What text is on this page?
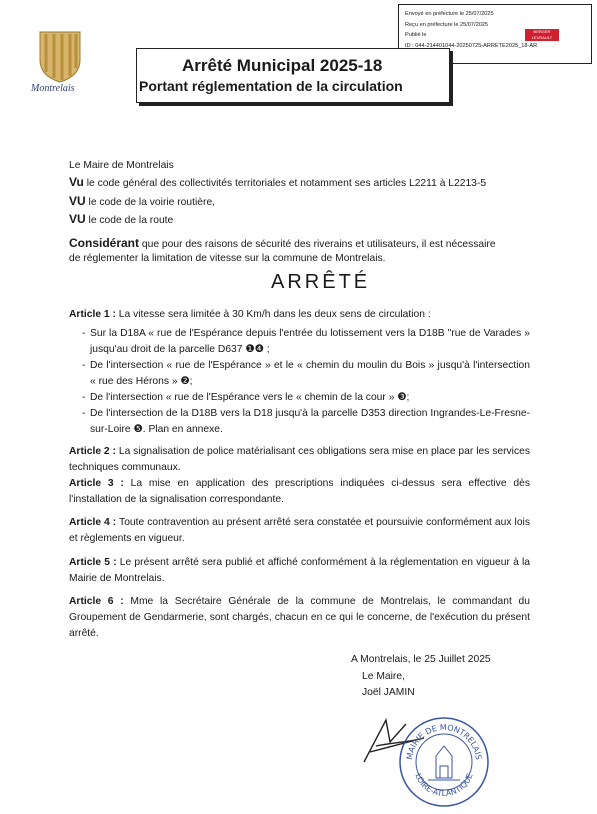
Envoyé en préfecture le 25/07/2025
Reçu en préfecture le 25/07/2025
Publié le
ID : 044-214401044-20250725-ARRETE2025_18-AR
BERGER LEVRAULT
Montrelais
Arrêté Municipal 2025-18
Portant réglementation de la circulation
Le Maire de Montrelais
Vu le code général des collectivités territoriales et notamment ses articles L2211 à L2213-5
VU le code de la voirie routière,
VU le code de la route
Considérant que pour des raisons de sécurité des riverains et utilisateurs, il est nécessaire
de réglementer la limitation de vitesse sur la commune de Montrelais.
ARRÊTÉ
Article 1 : La vitesse sera limitée à 30 Km/h dans les deux sens de circulation :
- Sur la D18A « rue de l'Espérance depuis l'entrée du lotissement vers la D18B "rue de Varades » jusqu'au droit de la parcelle D637 ❶❹ ;
- De l'intersection « rue de l'Espérance » et le « chemin du moulin du Bois » jusqu'à l'intersection « rue des Hérons » ❷;
- De l'intersection « rue de l'Espérance vers le « chemin de la cour » ❸;
- De l'intersection de la D18B vers la D18 jusqu'à la parcelle D353 direction Ingrandes-Le-Fresne-sur-Loire ❺. Plan en annexe.
Article 2 : La signalisation de police matérialisant ces obligations sera mise en place par les services techniques communaux.
Article 3 : La mise en application des prescriptions indiquées ci-dessus sera effective dès l'installation de la signalisation correspondante.
Article 4 : Toute contravention au présent arrêté sera constatée et poursuivie conformément aux lois et règlements en vigueur.
Article 5 : Le présent arrêté sera publié et affiché conformément à la réglementation en vigueur à la Mairie de Montrelais.
Article 6 : Mme la Secrétaire Générale de la commune de Montrelais, le commandant du Groupement de Gendarmerie, sont chargés, chacun en ce qui le concerne, de l'exécution du présent arrêté.
A Montrelais, le 25 Juillet 2025
Le Maire,
Joël JAMIN
MAIRIE DE MONTRELAIS
LOIRE-ATLANTIQUE
